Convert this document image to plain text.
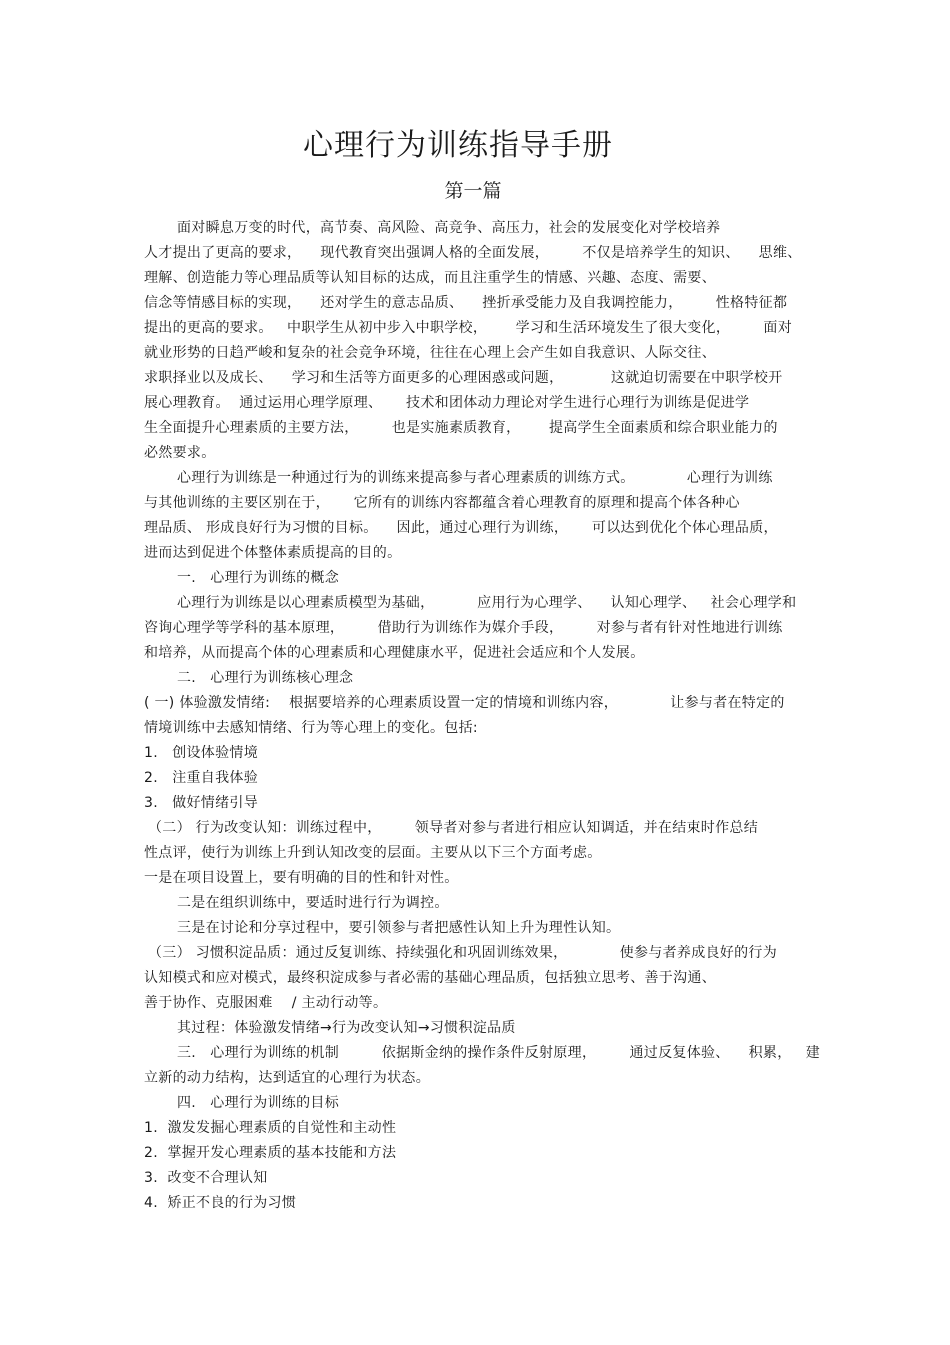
心理行为训练指导手册
第一篇
面对瞬息万变的时代，高节奏、高风险、高竞争、高压力，社会的发展变化对学校培养
人才提出了更高的要求，    现代教育突出强调人格的全面发展，       不仅是培养学生的知识、    思维、
理解、创造能力等心理品质等认知目标的达成，而且注重学生的情感、兴趣、态度、需要、
信念等情感目标的实现，    还对学生的意志品质、    挫折承受能力及自我调控能力，       性格特征都
提出的更高的要求。   中职学生从初中步入中职学校，      学习和生活环境发生了很大变化，       面对
就业形势的日趋严峻和复杂的社会竞争环境，往往在心理上会产生如自我意识、人际交往、
求职择业以及成长、    学习和生活等方面更多的心理困惑或问题，          这就迫切需要在中职学校开
展心理教育。  通过运用心理学原理、     技术和团体动力理论对学生进行心理行为训练是促进学
生全面提升心理素质的主要方法，       也是实施素质教育，      提高学生全面素质和综合职业能力的
必然要求。
心理行为训练是一种通过行为的训练来提高参与者心理素质的训练方式。           心理行为训练
与其他训练的主要区别在于，     它所有的训练内容都蕴含着心理教育的原理和提高个体各种心
理品质、 形成良好行为习惯的目标。    因此，通过心理行为训练，     可以达到优化个体心理品质，
进而达到促进个体整体素质提高的目的。
一.   心理行为训练的概念
心理行为训练是以心理素质模型为基础，         应用行为心理学、    认知心理学、   社会心理学和
咨询心理学等学科的基本原理，       借助行为训练作为媒介手段，       对参与者有针对性地进行训练
和培养，从而提高个体的心理素质和心理健康水平，促进社会适应和个人发展。
二.   心理行为训练核心理念
( 一) 体验激发情绪:    根据要培养的心理素质设置一定的情境和训练内容，           让参与者在特定的
情境训练中去感知情绪、行为等心理上的变化。包括:
1.   创设体验情境
2.   注重自我体验
3.   做好情绪引导
（二） 行为改变认知：训练过程中，       领导者对参与者进行相应认知调适，并在结束时作总结
性点评，使行为训练上升到认知改变的层面。主要从以下三个方面考虑。
一是在项目设置上，要有明确的目的性和针对性。
二是在组织训练中，要适时进行行为调控。
三是在讨论和分享过程中，要引领参与者把感性认知上升为理性认知。
（三） 习惯积淀品质：通过反复训练、持续强化和巩固训练效果，           使参与者养成良好的行为
认知模式和应对模式，最终积淀成参与者必需的基础心理品质，包括独立思考、善于沟通、
善于协作、克服困难    / 主动行动等。
其过程：体验激发情绪→行为改变认知→习惯积淀品质
三.   心理行为训练的机制         依据斯金纳的操作条件反射原理，       通过反复体验、    积累，   建
立新的动力结构，达到适宜的心理行为状态。
四.   心理行为训练的目标
1.  激发发掘心理素质的自觉性和主动性
2.  掌握开发心理素质的基本技能和方法
3.  改变不合理认知
4.  矫正不良的行为习惯
